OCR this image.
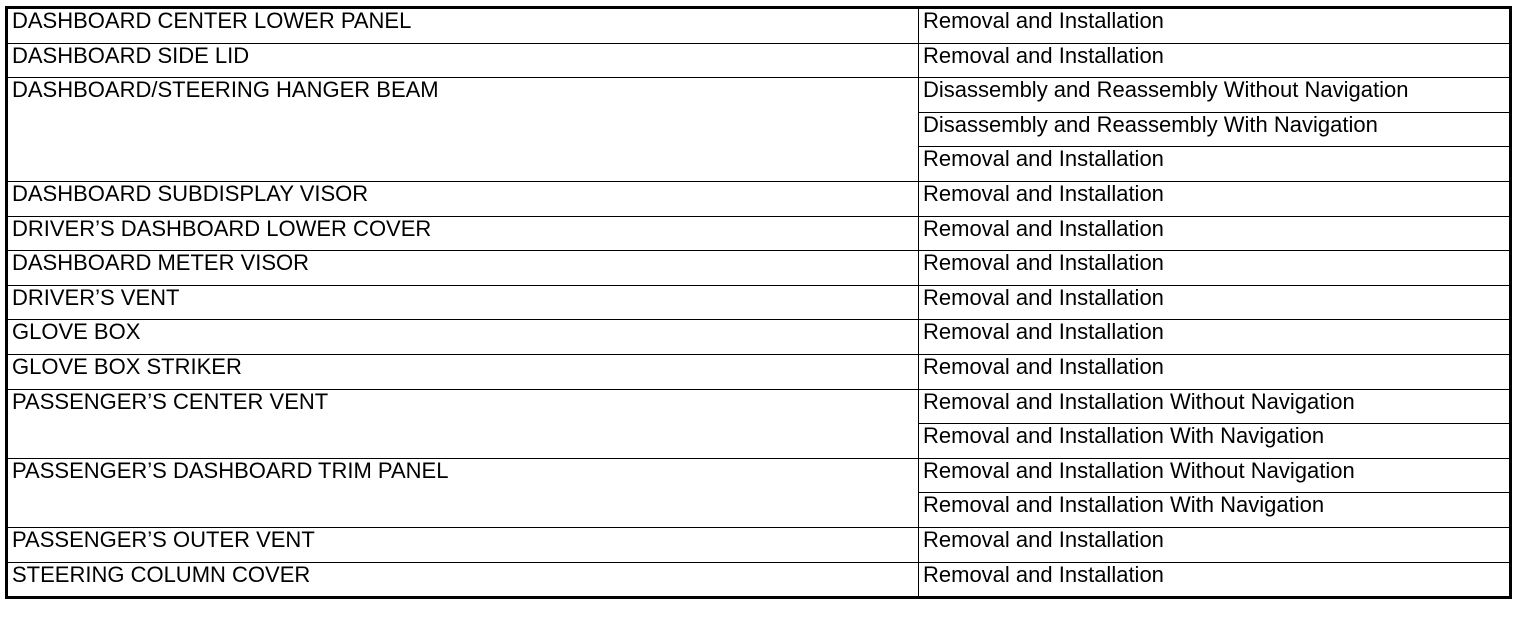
DASHBOARD CENTER LOWER PANEL	Removal and Installation
DASHBOARD SIDE LID	Removal and Installation
DASHBOARD/STEERING HANGER BEAM	Disassembly and Reassembly Without Navigation
	Disassembly and Reassembly With Navigation
	Removal and Installation
DASHBOARD SUBDISPLAY VISOR	Removal and Installation
DRIVER’S DASHBOARD LOWER COVER	Removal and Installation
DASHBOARD METER VISOR	Removal and Installation
DRIVER’S VENT	Removal and Installation
GLOVE BOX	Removal and Installation
GLOVE BOX STRIKER	Removal and Installation
PASSENGER’S CENTER VENT	Removal and Installation Without Navigation
	Removal and Installation With Navigation
PASSENGER’S DASHBOARD TRIM PANEL	Removal and Installation Without Navigation
	Removal and Installation With Navigation
PASSENGER’S OUTER VENT	Removal and Installation
STEERING COLUMN COVER	Removal and Installation
